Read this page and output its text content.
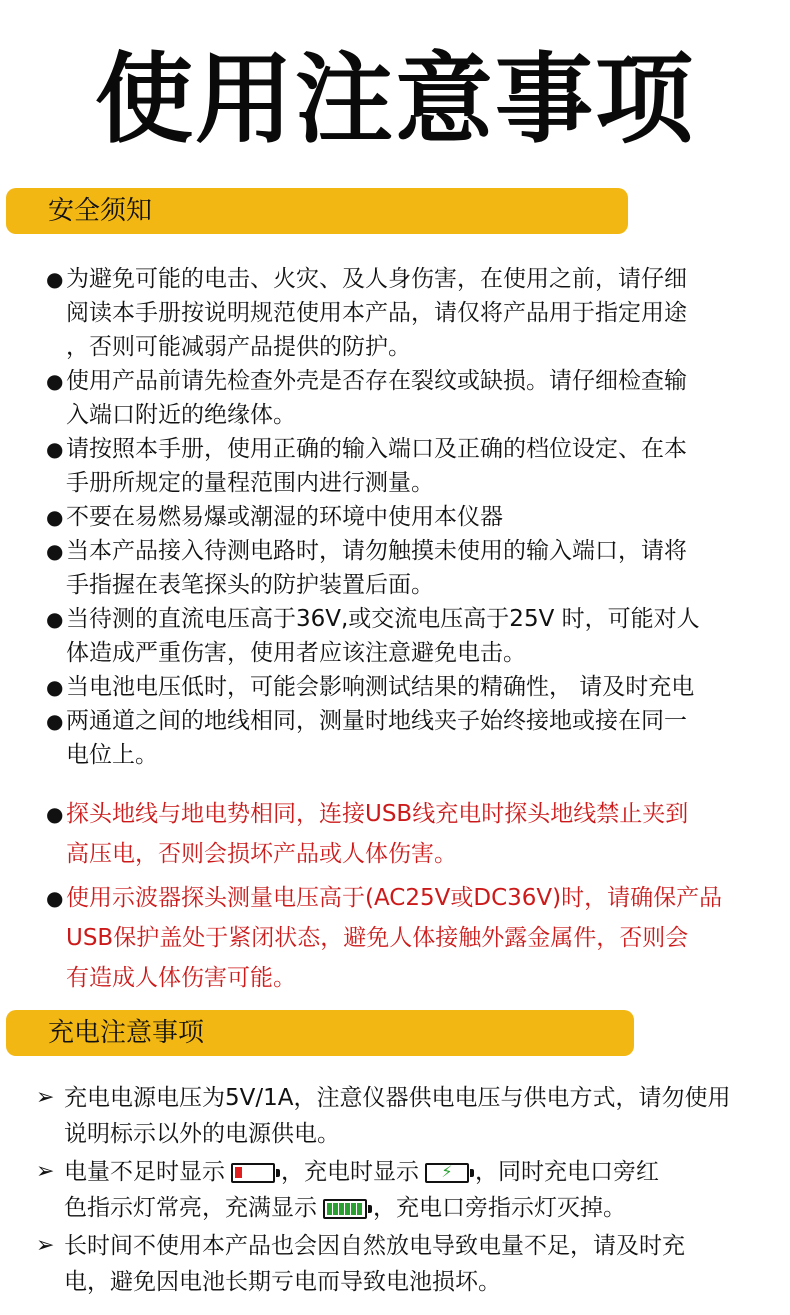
使用注意事项
安全须知
● 为避免可能的电击、火灾、及人身伤害，在使用之前，请仔细
阅读本手册按说明规范使用本产品，请仅将产品用于指定用途
，否则可能减弱产品提供的防护。
● 使用产品前请先检查外壳是否存在裂纹或缺损。请仔细检查输
入端口附近的绝缘体。
● 请按照本手册，使用正确的输入端口及正确的档位设定、在本
手册所规定的量程范围内进行测量。
● 不要在易燃易爆或潮湿的环境中使用本仪器
● 当本产品接入待测电路时，请勿触摸未使用的输入端口，请将
手指握在表笔探头的防护装置后面。
● 当待测的直流电压高于36V,或交流电压高于25V 时，可能对人
体造成严重伤害，使用者应该注意避免电击。
● 当电池电压低时，可能会影响测试结果的精确性， 请及时充电
● 两通道之间的地线相同，测量时地线夹子始终接地或接在同一
电位上。
● 探头地线与地电势相同，连接USB线充电时探头地线禁止夹到
高压电，否则会损坏产品或人体伤害。
● 使用示波器探头测量电压高于(AC25V或DC36V)时，请确保产品
USB保护盖处于紧闭状态，避免人体接触外露金属件，否则会
有造成人体伤害可能。
充电注意事项
➢ 充电电源电压为5V/1A，注意仪器供电电压与供电方式，请勿使用
说明标示以外的电源供电。
➢ 电量不足时显示 ，充电时显示	⚡ ，同时充电口旁红
色指示灯常亮，充满显示 ，充电口旁指示灯灭掉。
➢ 长时间不使用本产品也会因自然放电导致电量不足，请及时充
电，避免因电池长期亏电而导致电池损坏。
